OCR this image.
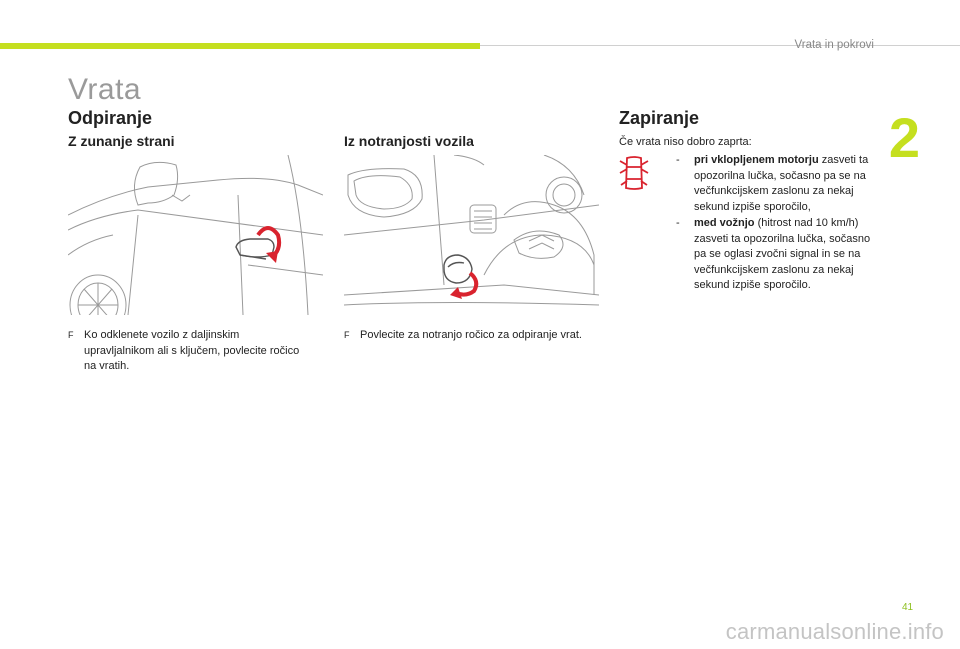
Vrata in pokrovi
2
Vrata
Odpiranje	Zapiranje
Z zunanje strani	Iz notranjosti vozila
F Ko odklenete vozilo z daljinskim upravljalnikom ali s ključem, povlecite ročico na vratih.
F Povlecite za notranjo ročico za odpiranje vrat.
Če vrata niso dobro zaprta:
- pri vklopljenem motorju zasveti ta opozorilna lučka, sočasno pa se na večfunkcijskem zaslonu za nekaj sekund izpiše sporočilo,
- med vožnjo (hitrost nad 10 km/h) zasveti ta opozorilna lučka, sočasno pa se oglasi zvočni signal in se na večfunkcijskem zaslonu za nekaj sekund izpiše sporočilo.
41
carmanualsonline.info
